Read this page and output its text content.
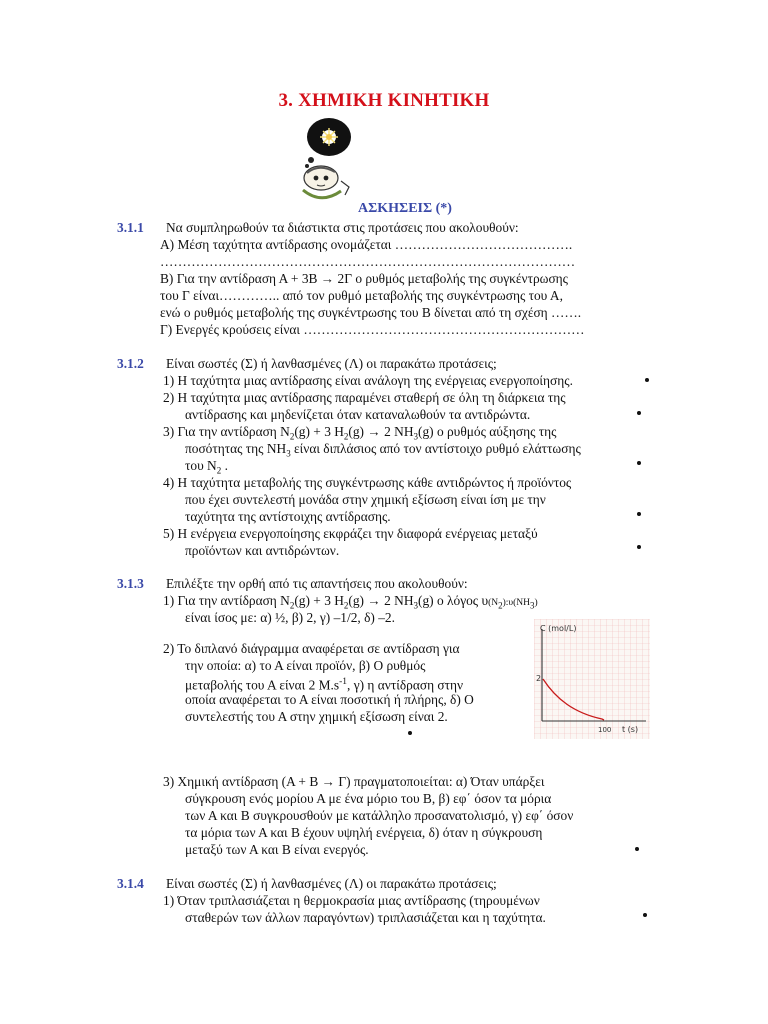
3. ΧΗΜΙΚΗ ΚΙΝΗΤΙΚΗ
ΑΣΚΗΣΕΙΣ (*)
3.1.1 Να συμπληρωθούν τα διάστικτα στις προτάσεις που ακολουθούν:
Α) Μέση ταχύτητα αντίδρασης ονομάζεται ………………………………….
…………………………………………………………………………………
Β) Για την αντίδραση Α + 3Β → 2Γ ο ρυθμός μεταβολής της συγκέντρωσης
του Γ είναι………….. από τον ρυθμό μεταβολής της συγκέντρωσης του Α,
ενώ ο ρυθμός μεταβολής της συγκέντρωσης του Β δίνεται από τη σχέση …….
Γ) Ενεργές κρούσεις είναι ………………………………………………………
3.1.2 Είναι σωστές (Σ) ή λανθασμένες (Λ) οι παρακάτω προτάσεις;
1) Η ταχύτητα μιας αντίδρασης είναι ανάλογη της ενέργειας ενεργοποίησης.
2) Η ταχύτητα μιας αντίδρασης παραμένει σταθερή σε όλη τη διάρκεια της
αντίδρασης και μηδενίζεται όταν καταναλωθούν τα αντιδρώντα.
3) Για την αντίδραση $N_2(g) + 3$ $H_2(g) \to 2$ $NH_3(g)$ ο ρυθμός αύξησης της
ποσότητας της $NH_3$ είναι διπλάσιος από τον αντίστοιχο ρυθμό ελάττωσης
του $N_2$ .
4) Η ταχύτητα μεταβολής της συγκέντρωσης κάθε αντιδρώντος ή προϊόντος
που έχει συντελεστή μονάδα στην χημική εξίσωση είναι ίση με την
ταχύτητα της αντίστοιχης αντίδρασης.
5) Η ενέργεια ενεργοποίησης εκφράζει την διαφορά ενέργειας μεταξύ
προϊόντων και αντιδρώντων.
3.1.3 Επιλέξτε την ορθή από τις απαντήσεις που ακολουθούν:
1) Για την αντίδραση $N_2(g) + 3$ $H_2(g) \to 2$ $NH_3(g)$ ο λόγος $\upsilon(N_2):\upsilon(NH_3)$
είναι ίσος με: α) ½, β) 2, γ) –1/2, δ) –2.
2) Το διπλανό διάγραμμα αναφέρεται σε αντίδραση για
την οποία: α) το Α είναι προϊόν, β) Ο ρυθμός
μεταβολής του Α είναι 2 $M.s^{-1}$, γ) η αντίδραση στην
οποία αναφέρεται το Α είναι ποσοτική ή πλήρης, δ) Ο
συντελεστής του Α στην χημική εξίσωση είναι 2.
C (mol/L)
2
100 t (s)
3) Χημική αντίδραση (Α + Β → Γ) πραγματοποιείται: α) Όταν υπάρξει
σύγκρουση ενός μορίου Α με ένα μόριο του Β, β) εφ΄ όσον τα μόρια
των Α και Β συγκρουσθούν με κατάλληλο προσανατολισμό, γ) εφ΄ όσον
τα μόρια των Α και Β έχουν υψηλή ενέργεια, δ) όταν η σύγκρουση
μεταξύ των Α και Β είναι ενεργός.
3.1.4 Είναι σωστές (Σ) ή λανθασμένες (Λ) οι παρακάτω προτάσεις;
1) Όταν τριπλασιάζεται η θερμοκρασία μιας αντίδρασης (τηρουμένων
σταθερών των άλλων παραγόντων) τριπλασιάζεται και η ταχύτητα.
